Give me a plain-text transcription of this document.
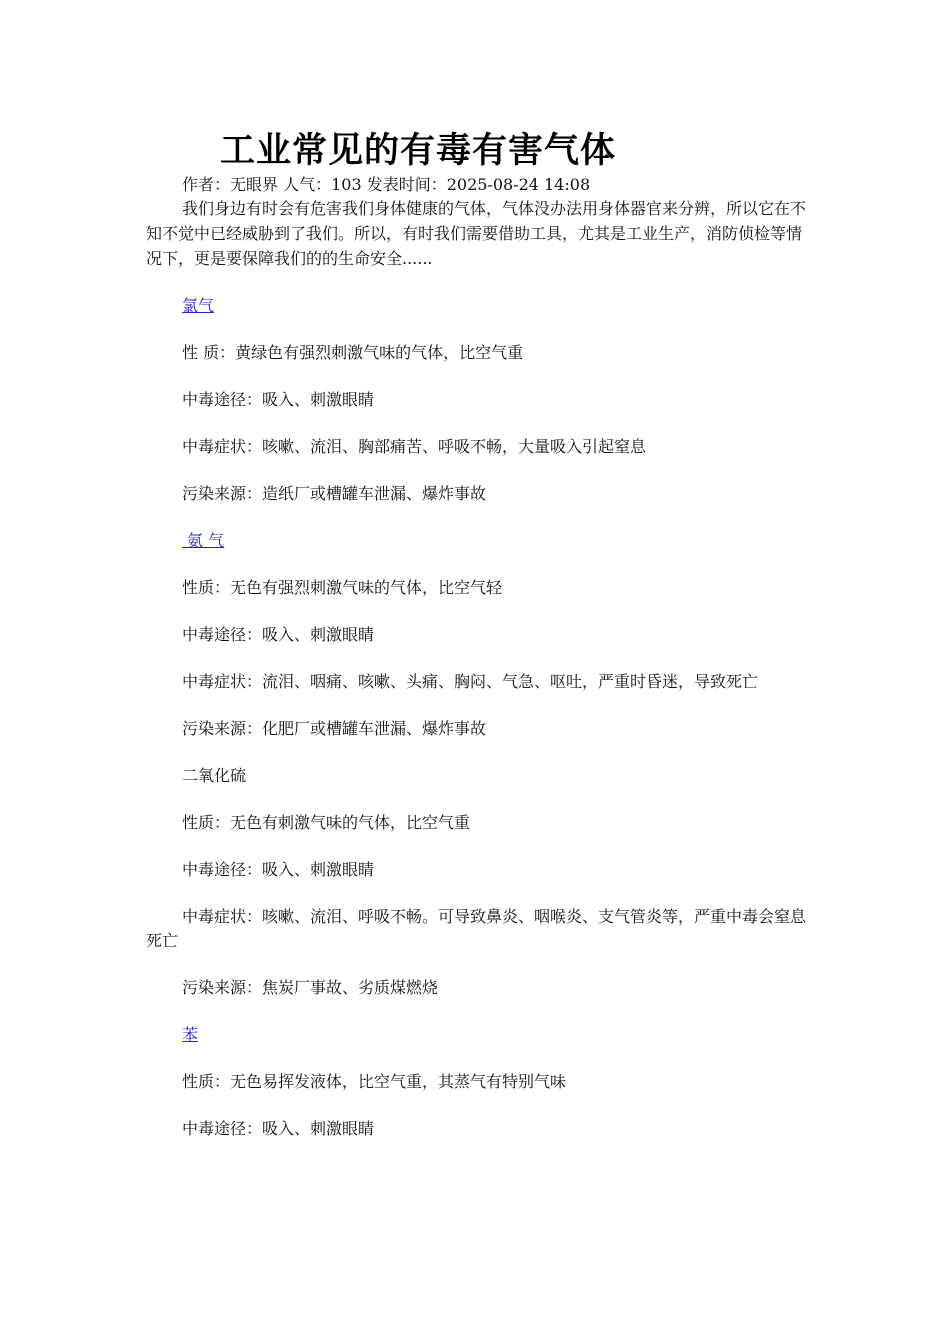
工业常见的有毒有害气体

作者：无眼界 人气：103 发表时间：2025-08-24 14:08

我们身边有时会有危害我们身体健康的气体，气体没办法用身体器官来分辨，所以它在不知不觉中已经威胁到了我们。所以，有时我们需要借助工具，尤其是工业生产，消防侦检等情况下，更是要保障我们的的生命安全......

氯气

性 质：黄绿色有强烈刺激气味的气体，比空气重

中毒途径：吸入、刺激眼睛

中毒症状：咳嗽、流泪、胸部痛苦、呼吸不畅，大量吸入引起窒息

污染来源：造纸厂或槽罐车泄漏、爆炸事故

氨 气

性质：无色有强烈刺激气味的气体，比空气轻

中毒途径：吸入、刺激眼睛

中毒症状：流泪、咽痛、咳嗽、头痛、胸闷、气急、呕吐，严重时昏迷，导致死亡

污染来源：化肥厂或槽罐车泄漏、爆炸事故

二氧化硫

性质：无色有刺激气味的气体，比空气重

中毒途径：吸入、刺激眼睛

中毒症状：咳嗽、流泪、呼吸不畅。可导致鼻炎、咽喉炎、支气管炎等，严重中毒会窒息死亡

污染来源：焦炭厂事故、劣质煤燃烧

苯

性质：无色易挥发液体，比空气重，其蒸气有特别气味

中毒途径：吸入、刺激眼睛
